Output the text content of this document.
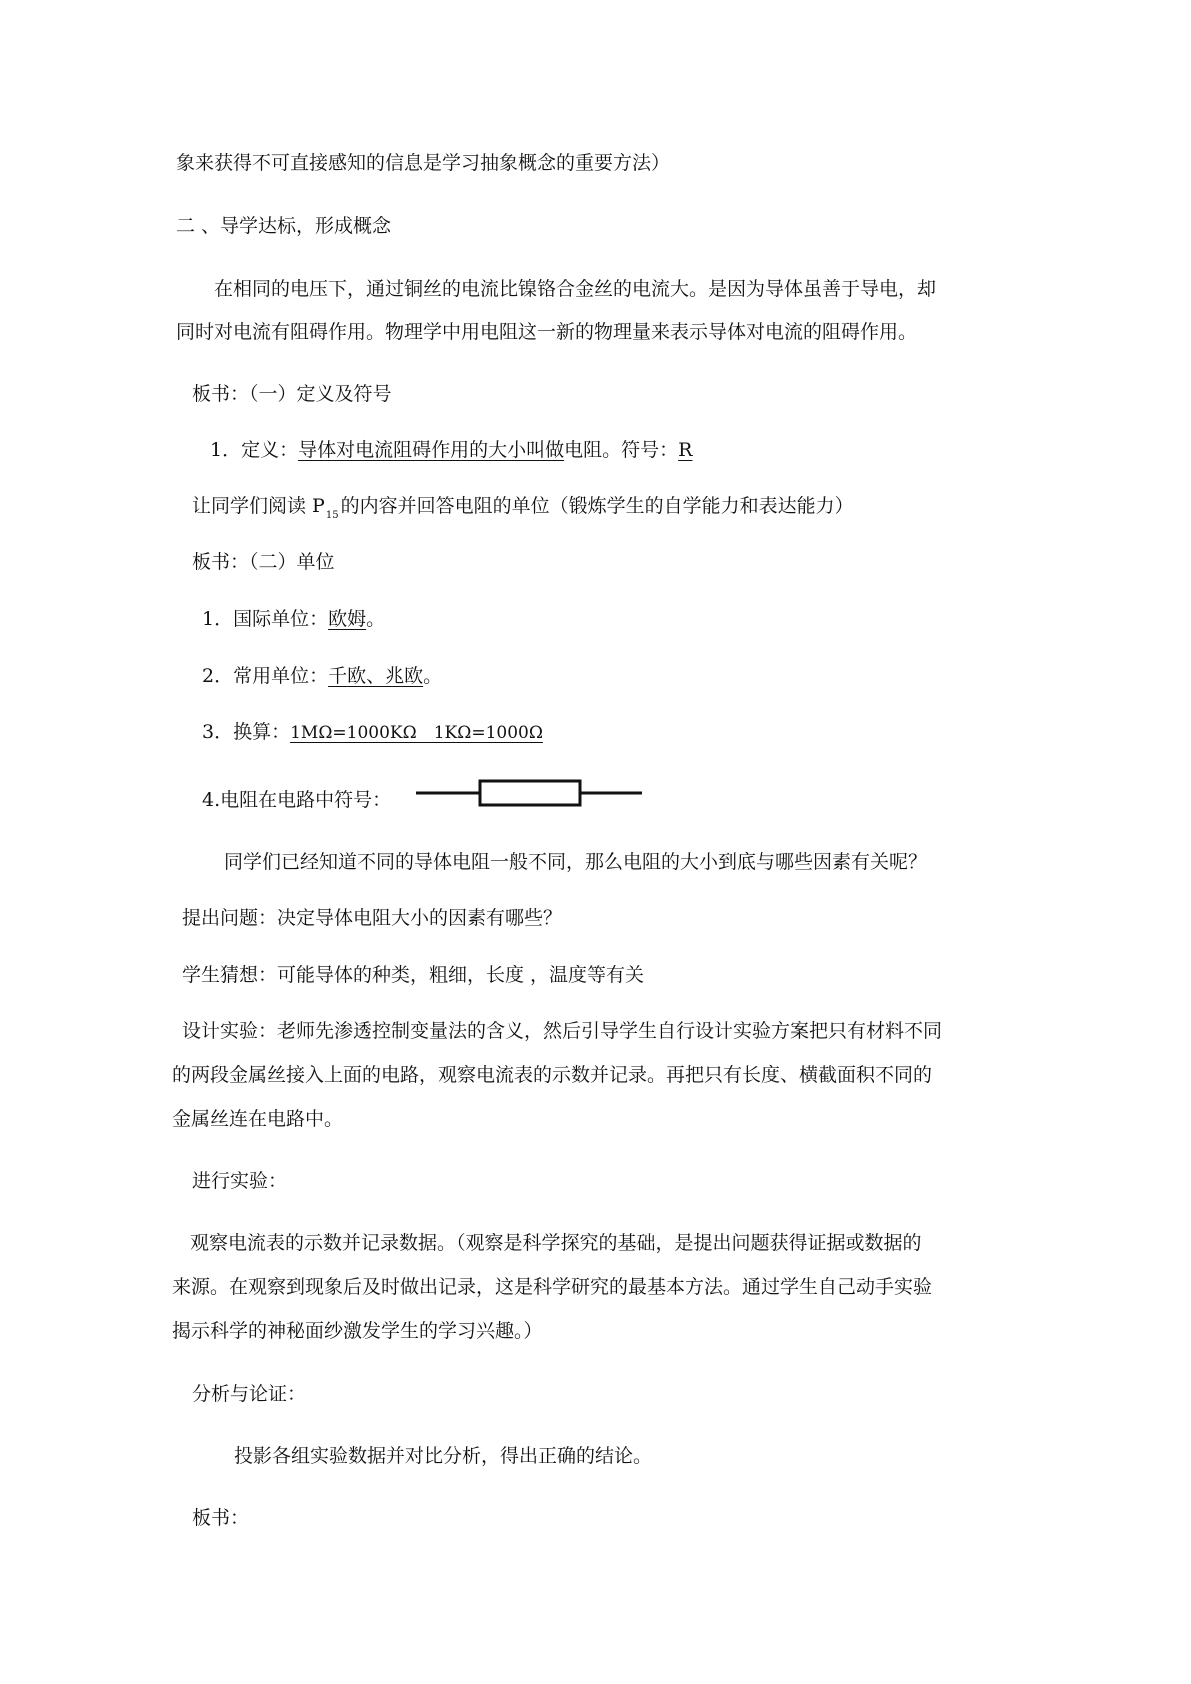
象来获得不可直接感知的信息是学习抽象概念的重要方法）
二 、导学达标，形成概念
在相同的电压下，通过铜丝的电流比镍铬合金丝的电流大。是因为导体虽善于导电，却
同时对电流有阻碍作用。物理学中用电阻这一新的物理量来表示导体对电流的阻碍作用。
板书：（一）定义及符号
1．定义：导体对电流阻碍作用的大小叫做电阻。符号：R
让同学们阅读 $P_{15}$ 的内容并回答电阻的单位（锻炼学生的自学能力和表达能力）
板书：（二）单位
1．国际单位：欧姆。
2．常用单位：千欧、兆欧。
3．换算：1MΩ=1000KΩ　1KΩ=1000Ω
4.电阻在电路中符号：
同学们已经知道不同的导体电阻一般不同，那么电阻的大小到底与哪些因素有关呢？
提出问题：决定导体电阻大小的因素有哪些？
学生猜想：可能导体的种类，粗细，长度 ，温度等有关
设计实验：老师先渗透控制变量法的含义，然后引导学生自行设计实验方案把只有材料不同
的两段金属丝接入上面的电路，观察电流表的示数并记录。再把只有长度、横截面积不同的
金属丝连在电路中。
进行实验：
观察电流表的示数并记录数据。（观察是科学探究的基础，是提出问题获得证据或数据的
来源。在观察到现象后及时做出记录，这是科学研究的最基本方法。通过学生自己动手实验
揭示科学的神秘面纱激发学生的学习兴趣。）
分析与论证：
投影各组实验数据并对比分析，得出正确的结论。
板书：
